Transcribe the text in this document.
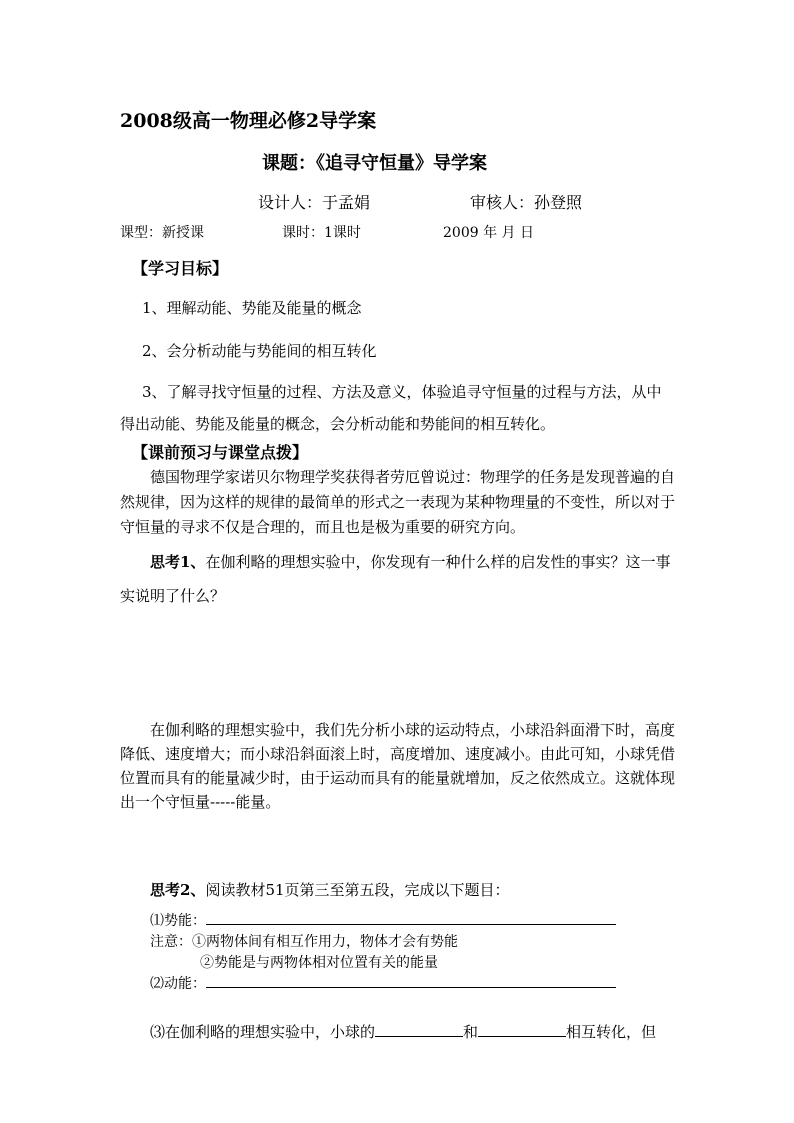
2008级高一物理必修2导学案
课题：《追寻守恒量》导学案
设计人：于孟娟	审核人：孙登照
课型：新授课	课时：1课时	2009 年 月 日
【学习目标】
1、理解动能、势能及能量的概念
2、会分析动能与势能间的相互转化
3、了解寻找守恒量的过程、方法及意义，体验追寻守恒量的过程与方法，从中得出动能、势能及能量的概念，会分析动能和势能间的相互转化。
【课前预习与课堂点拨】
德国物理学家诺贝尔物理学奖获得者劳厄曾说过：物理学的任务是发现普遍的自然规律，因为这样的规律的最简单的形式之一表现为某种物理量的不变性，所以对于守恒量的寻求不仅是合理的，而且也是极为重要的研究方向。
思考1、在伽利略的理想实验中，你发现有一种什么样的启发性的事实？这一事实说明了什么？
在伽利略的理想实验中，我们先分析小球的运动特点，小球沿斜面滑下时，高度降低、速度增大；而小球沿斜面滚上时，高度增加、速度减小。由此可知，小球凭借位置而具有的能量减少时，由于运动而具有的能量就增加，反之依然成立。这就体现出一个守恒量-----能量。
思考2、阅读教材51页第三至第五段，完成以下题目：
⑴势能：
注意：①两物体间有相互作用力，物体才会有势能
②势能是与两物体相对位置有关的能量
⑵动能：
⑶在伽利略的理想实验中，小球的	和	相互转化，但
